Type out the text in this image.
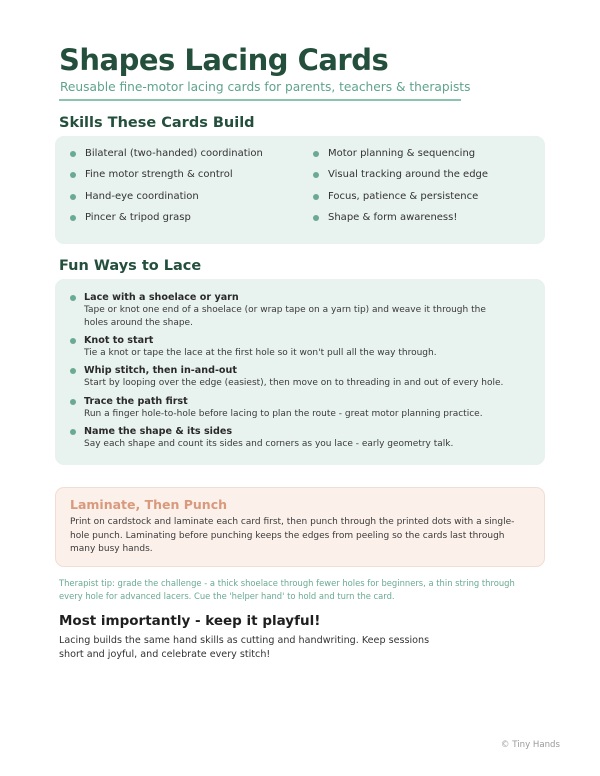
Shapes Lacing Cards
Reusable fine-motor lacing cards for parents, teachers & therapists
Skills These Cards Build
Bilateral (two-handed) coordination
Fine motor strength & control
Hand-eye coordination
Pincer & tripod grasp
Motor planning & sequencing
Visual tracking around the edge
Focus, patience & persistence
Shape & form awareness!
Fun Ways to Lace
Lace with a shoelace or yarn
Tape or knot one end of a shoelace (or wrap tape on a yarn tip) and weave it through the holes around the shape.
Knot to start
Tie a knot or tape the lace at the first hole so it won't pull all the way through.
Whip stitch, then in-and-out
Start by looping over the edge (easiest), then move on to threading in and out of every hole.
Trace the path first
Run a finger hole-to-hole before lacing to plan the route - great motor planning practice.
Name the shape & its sides
Say each shape and count its sides and corners as you lace - early geometry talk.
Laminate, Then Punch
Print on cardstock and laminate each card first, then punch through the printed dots with a single-hole punch. Laminating before punching keeps the edges from peeling so the cards last through many busy hands.
Therapist tip: grade the challenge - a thick shoelace through fewer holes for beginners, a thin string through every hole for advanced lacers. Cue the 'helper hand' to hold and turn the card.
Most importantly - keep it playful!
Lacing builds the same hand skills as cutting and handwriting. Keep sessions short and joyful, and celebrate every stitch!
© Tiny Hands
